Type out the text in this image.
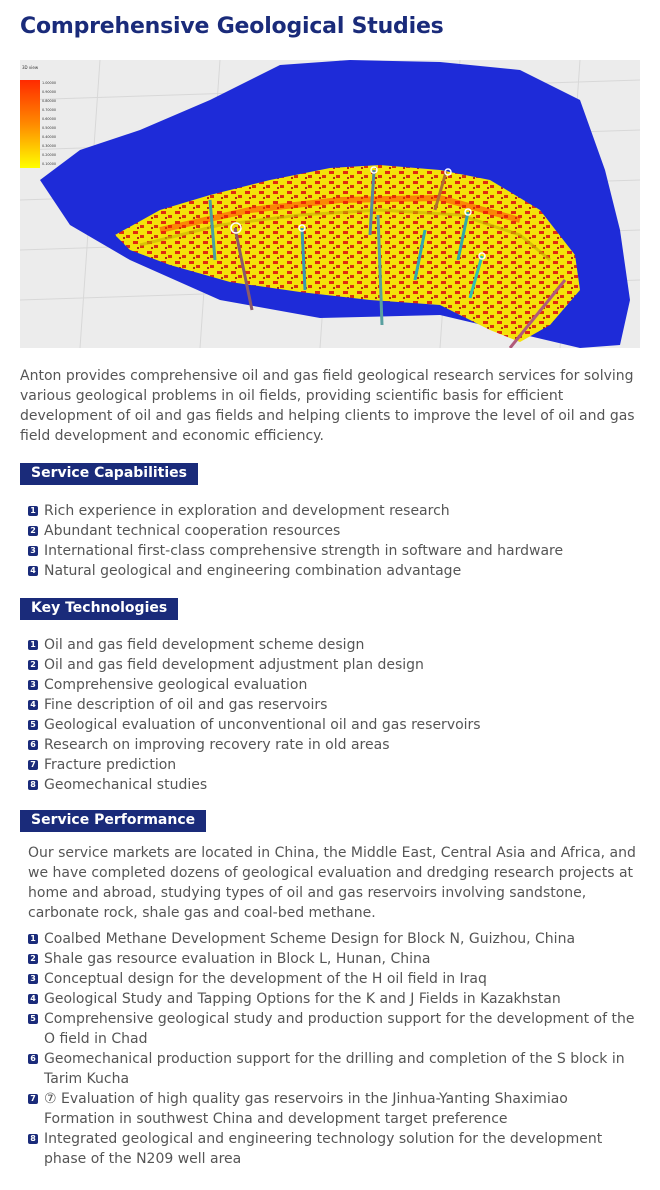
Comprehensive Geological Studies
3D view
1.00000
0.90000
0.80000
0.70000
0.60000
0.50000
0.40000
0.30000
0.20000
0.10000

Anton provides comprehensive oil and gas field geological research services for solving various geological problems in oil fields, providing scientific basis for efficient development of oil and gas fields and helping clients to improve the level of oil and gas field development and economic efficiency.

Service Capabilities
1 Rich experience in exploration and development research
2 Abundant technical cooperation resources
3 International first-class comprehensive strength in software and hardware
4 Natural geological and engineering combination advantage
Key Technologies
1 Oil and gas field development scheme design
2 Oil and gas field development adjustment plan design
3 Comprehensive geological evaluation
4 Fine description of oil and gas reservoirs
5 Geological evaluation of unconventional oil and gas reservoirs
6 Research on improving recovery rate in old areas
7 Fracture prediction
8 Geomechanical studies
Service Performance

Our service markets are located in China, the Middle East, Central Asia and Africa, and we have completed dozens of geological evaluation and dredging research projects at home and abroad, studying types of oil and gas reservoirs involving sandstone, carbonate rock, shale gas and coal-bed methane.

1 Coalbed Methane Development Scheme Design for Block N, Guizhou, China
2 Shale gas resource evaluation in Block L, Hunan, China
3 Conceptual design for the development of the H oil field in Iraq
4 Geological Study and Tapping Options for the K and J Fields in Kazakhstan
5 Comprehensive geological study and production support for the development of the O field in Chad
6 Geomechanical production support for the drilling and completion of the S block in Tarim Kucha
7 ⑦ Evaluation of high quality gas reservoirs in the Jinhua-Yanting Shaximiao Formation in southwest China and development target preference
8 Integrated geological and engineering technology solution for the development phase of the N209 well area
